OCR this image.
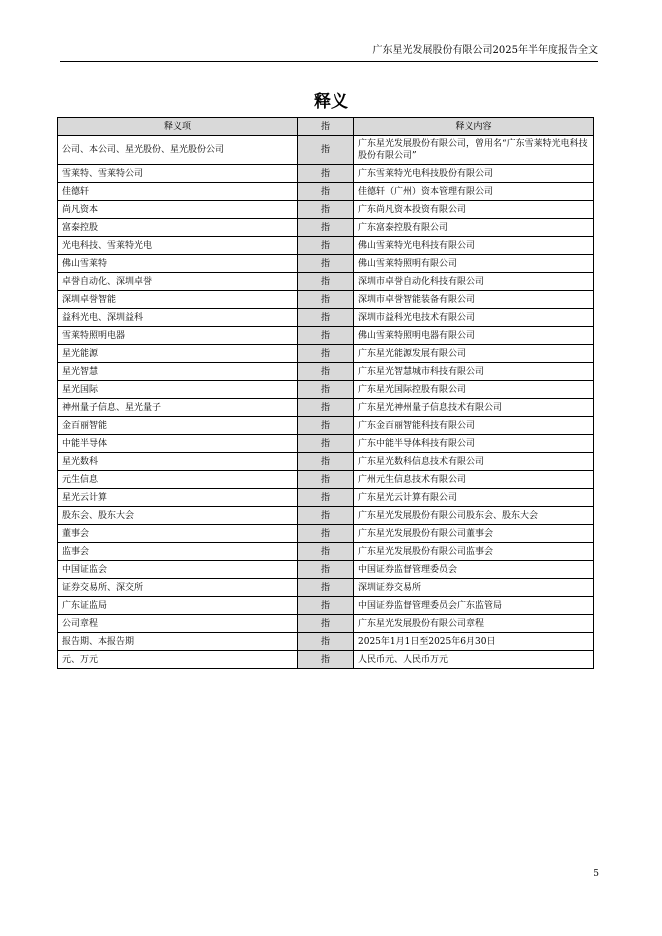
广东星光发展股份有限公司2025年半年度报告全文
释义
释义项	指	释义内容
公司、本公司、星光股份、星光股份公司	指	广东星光发展股份有限公司，曾用名“广东雪莱特光电科技股份有限公司”
雪莱特、雪莱特公司	指	广东雪莱特光电科技股份有限公司
佳德轩	指	佳德轩（广州）资本管理有限公司
尚凡资本	指	广东尚凡资本投资有限公司
富泰控股	指	广东富泰控股有限公司
光电科技、雪莱特光电	指	佛山雪莱特光电科技有限公司
佛山雪莱特	指	佛山雪莱特照明有限公司
卓誉自动化、深圳卓誉	指	深圳市卓誉自动化科技有限公司
深圳卓誉智能	指	深圳市卓誉智能装备有限公司
益科光电、深圳益科	指	深圳市益科光电技术有限公司
雪莱特照明电器	指	佛山雪莱特照明电器有限公司
星光能源	指	广东星光能源发展有限公司
星光智慧	指	广东星光智慧城市科技有限公司
星光国际	指	广东星光国际控股有限公司
神州量子信息、星光量子	指	广东星光神州量子信息技术有限公司
金百丽智能	指	广东金百丽智能科技有限公司
中能半导体	指	广东中能半导体科技有限公司
星光数科	指	广东星光数科信息技术有限公司
元生信息	指	广州元生信息技术有限公司
星光云计算	指	广东星光云计算有限公司
股东会、股东大会	指	广东星光发展股份有限公司股东会、股东大会
董事会	指	广东星光发展股份有限公司董事会
监事会	指	广东星光发展股份有限公司监事会
中国证监会	指	中国证券监督管理委员会
证券交易所、深交所	指	深圳证券交易所
广东证监局	指	中国证券监督管理委员会广东监管局
公司章程	指	广东星光发展股份有限公司章程
报告期、本报告期	指	2025年1月1日至2025年6月30日
元、万元	指	人民币元、人民币万元
5
